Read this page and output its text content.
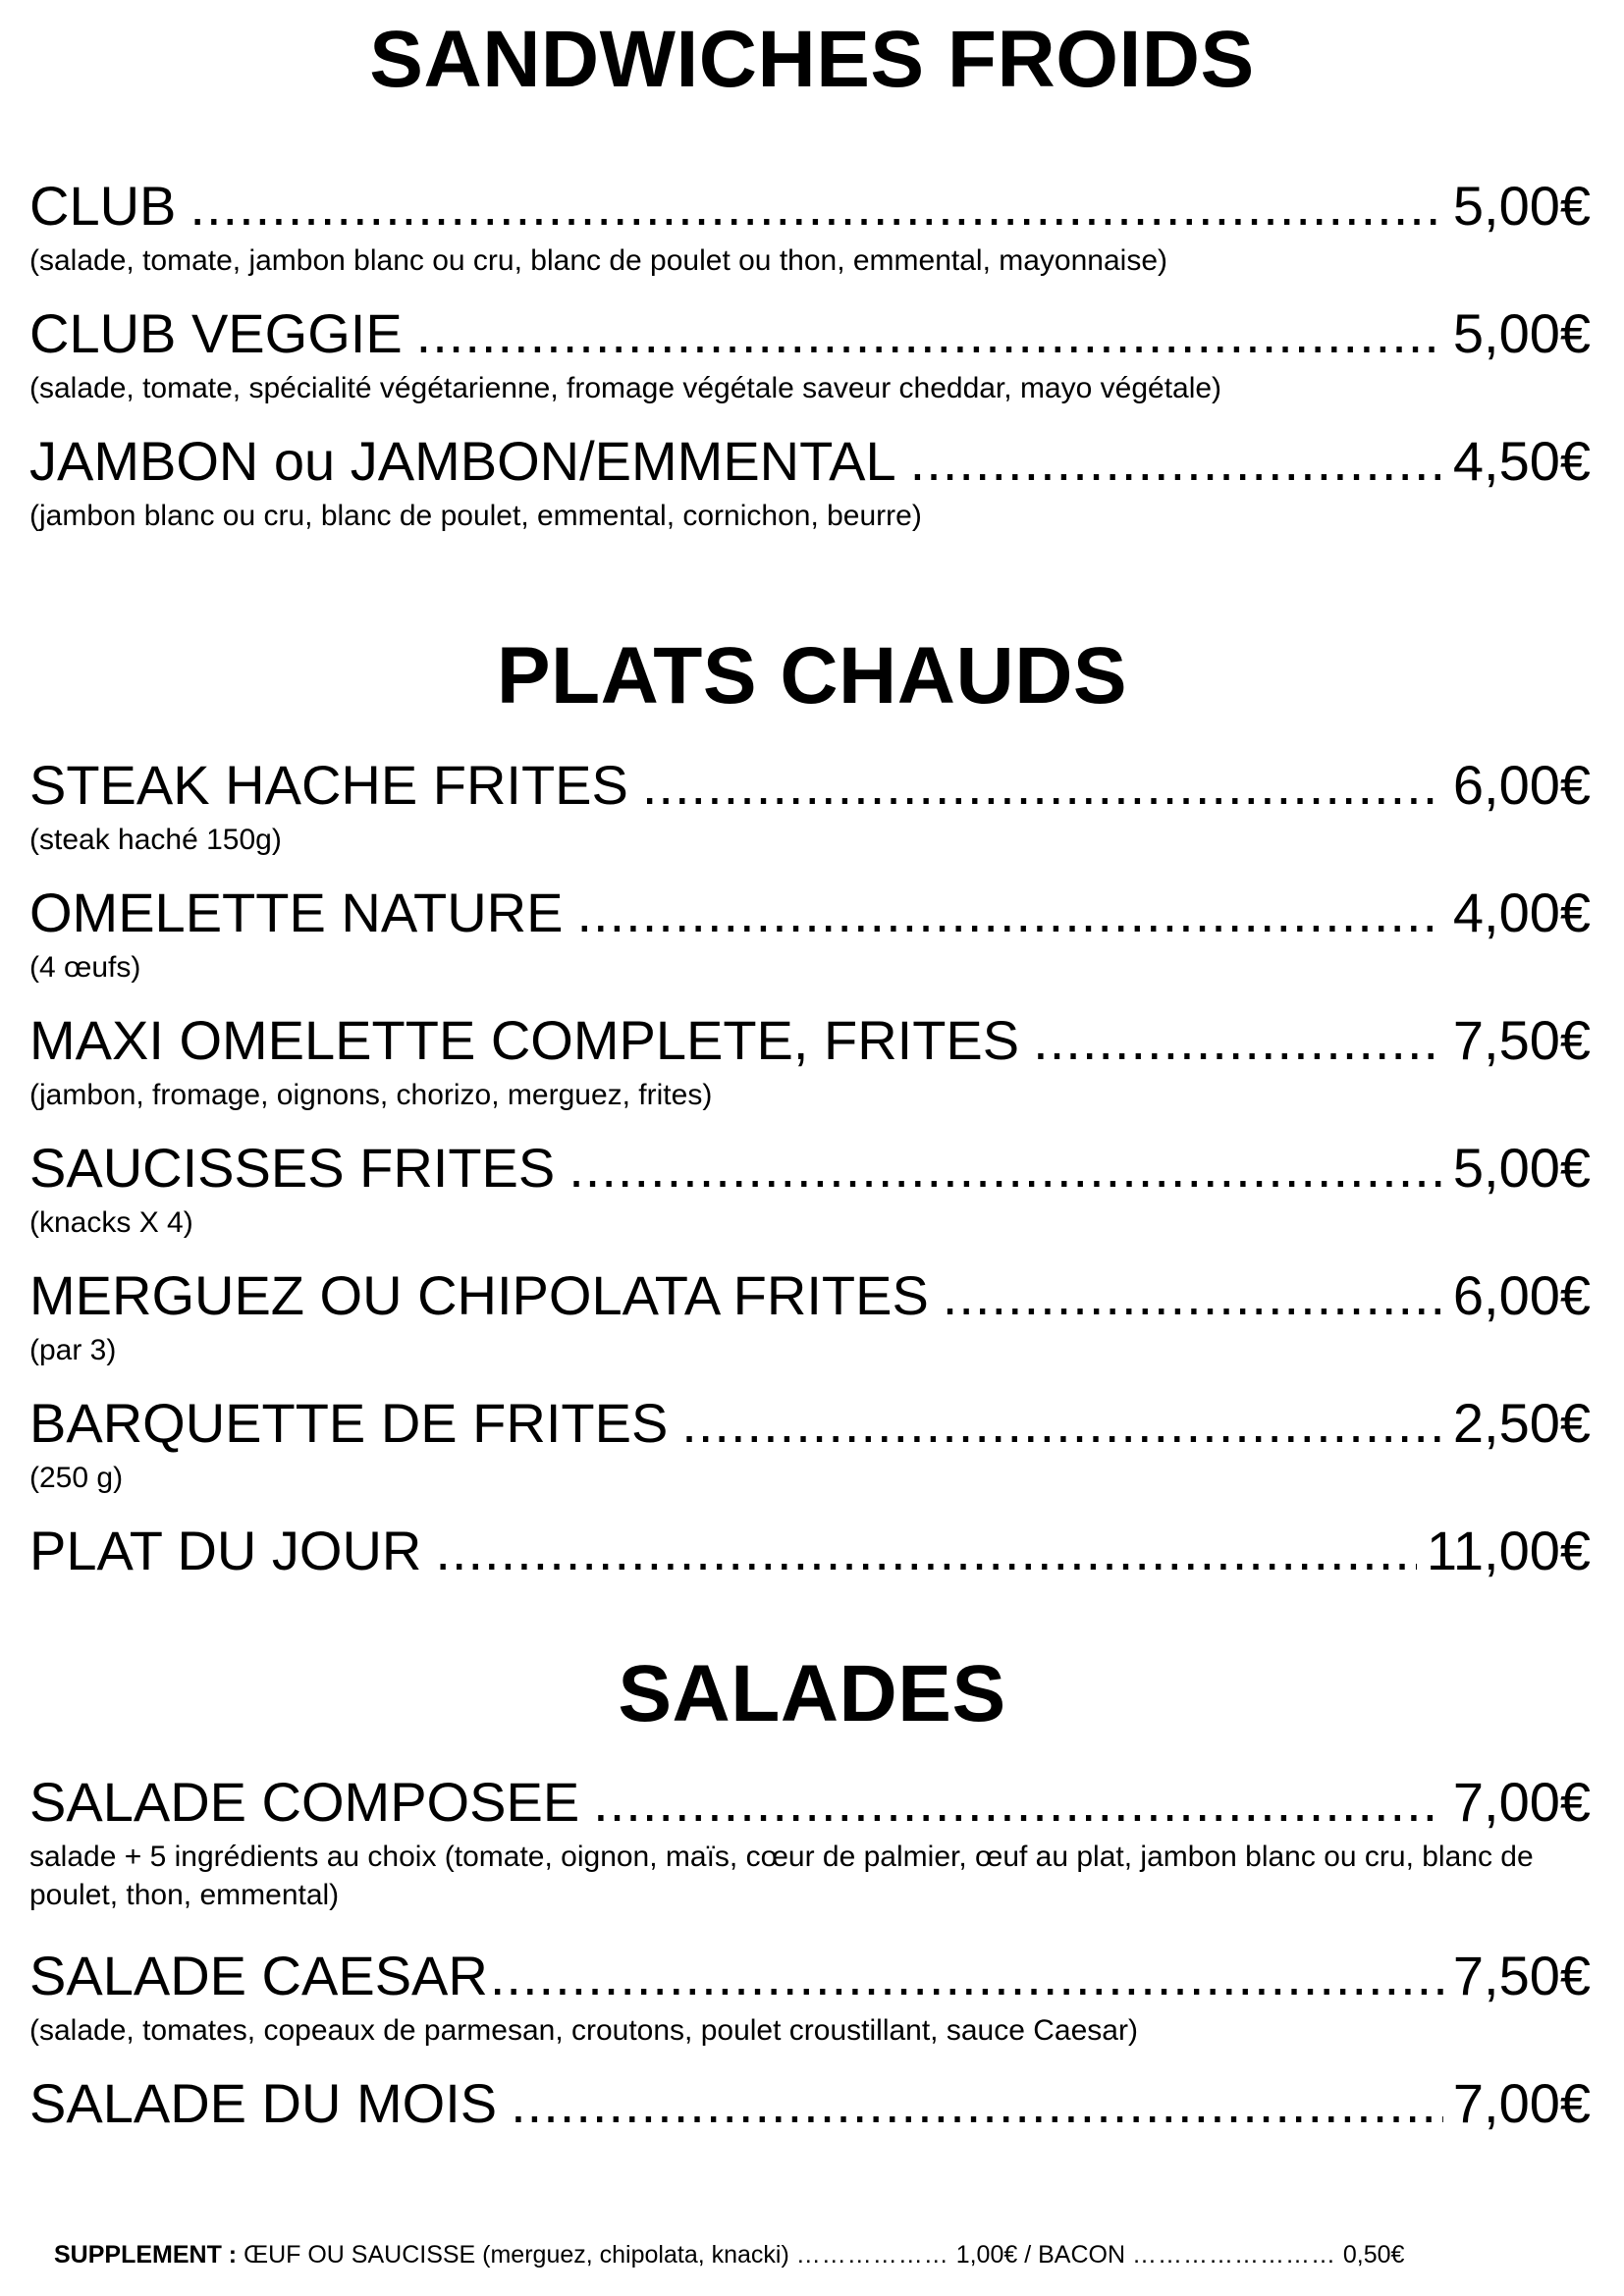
SANDWICHES FROIDS
CLUB .....	5,00€
(salade, tomate, jambon blanc ou cru, blanc de poulet ou thon, emmental, mayonnaise)
CLUB VEGGIE .....	5,00€
(salade, tomate, spécialité végétarienne, fromage végétale saveur cheddar, mayo végétale)
JAMBON ou JAMBON/EMMENTAL .....	4,50€
(jambon blanc ou cru, blanc de poulet, emmental, cornichon, beurre)
PLATS CHAUDS
STEAK HACHE FRITES .....	6,00€
(steak haché 150g)
OMELETTE NATURE .....	4,00€
(4 œufs)
MAXI OMELETTE COMPLETE, FRITES .....	7,50€
(jambon, fromage, oignons, chorizo, merguez, frites)
SAUCISSES FRITES .....	5,00€
(knacks X 4)
MERGUEZ OU CHIPOLATA FRITES .....	6,00€
(par 3)
BARQUETTE DE FRITES .....	2,50€
(250 g)
PLAT DU JOUR .....	11,00€
SALADES
SALADE COMPOSEE .....	7,00€
salade + 5 ingrédients au choix (tomate, oignon, maïs, cœur de palmier, œuf au plat, jambon blanc ou cru, blanc de poulet, thon, emmental)
SALADE CAESAR .....	7,50€
(salade, tomates, copeaux de parmesan, croutons, poulet croustillant, sauce Caesar)
SALADE DU MOIS .....	7,00€
SUPPLEMENT : ŒUF OU SAUCISSE (merguez, chipolata, knacki) ……………… 1,00€ / BACON …………………… 0,50€
